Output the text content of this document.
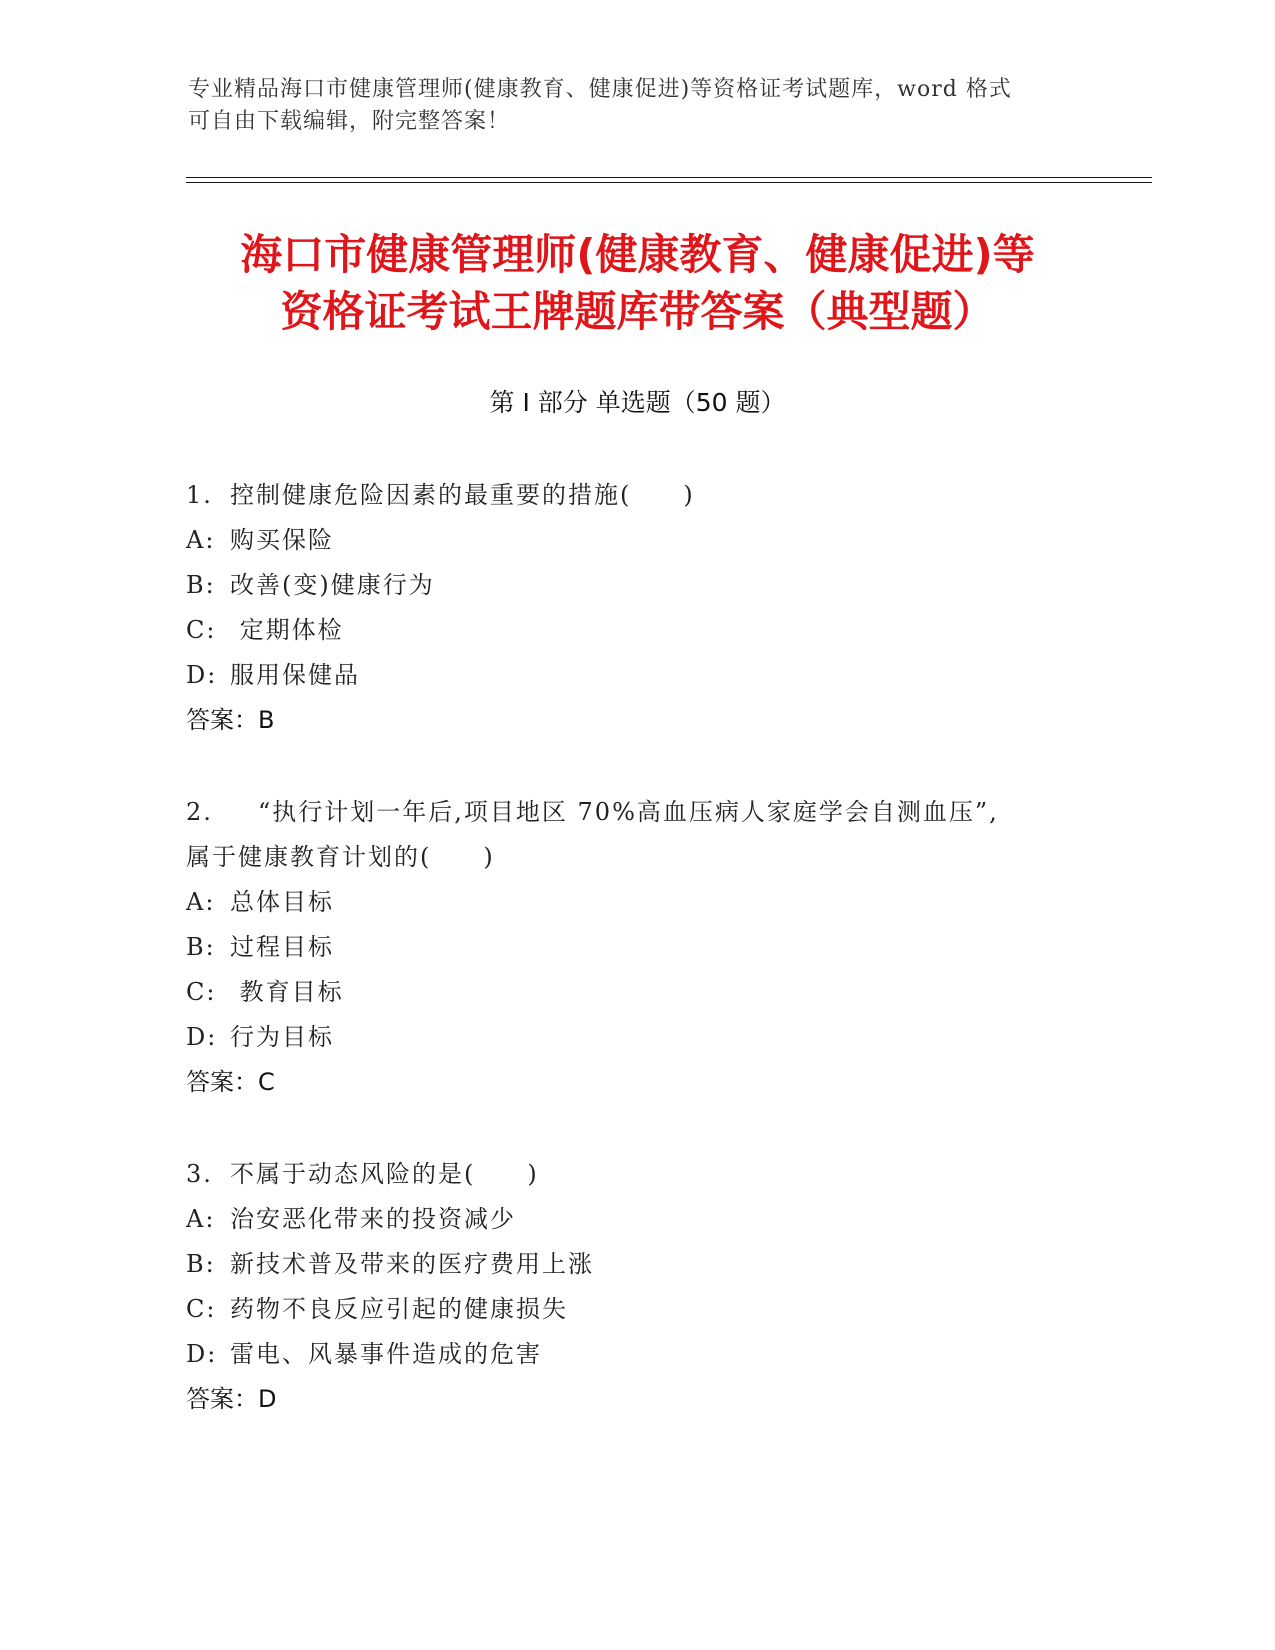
专业精品海口市健康管理师(健康教育、健康促进)等资格证考试题库，word 格式
可自由下载编辑，附完整答案！
海口市健康管理师(健康教育、健康促进)等
资格证考试王牌题库带答案（典型题）
第 I 部分 单选题（50 题）
1. 控制健康危险因素的最重要的措施(　　)
A: 购买保险
B: 改善(变)健康行为
C: 定期体检
D: 服用保健品
答案：B
2. “执行计划一年后,项目地区 70%高血压病人家庭学会自测血压”,
属于健康教育计划的(　　)
A: 总体目标
B: 过程目标
C: 教育目标
D: 行为目标
答案：C
3. 不属于动态风险的是(　　)
A: 治安恶化带来的投资减少
B: 新技术普及带来的医疗费用上涨
C: 药物不良反应引起的健康损失
D: 雷电、风暴事件造成的危害
答案：D
